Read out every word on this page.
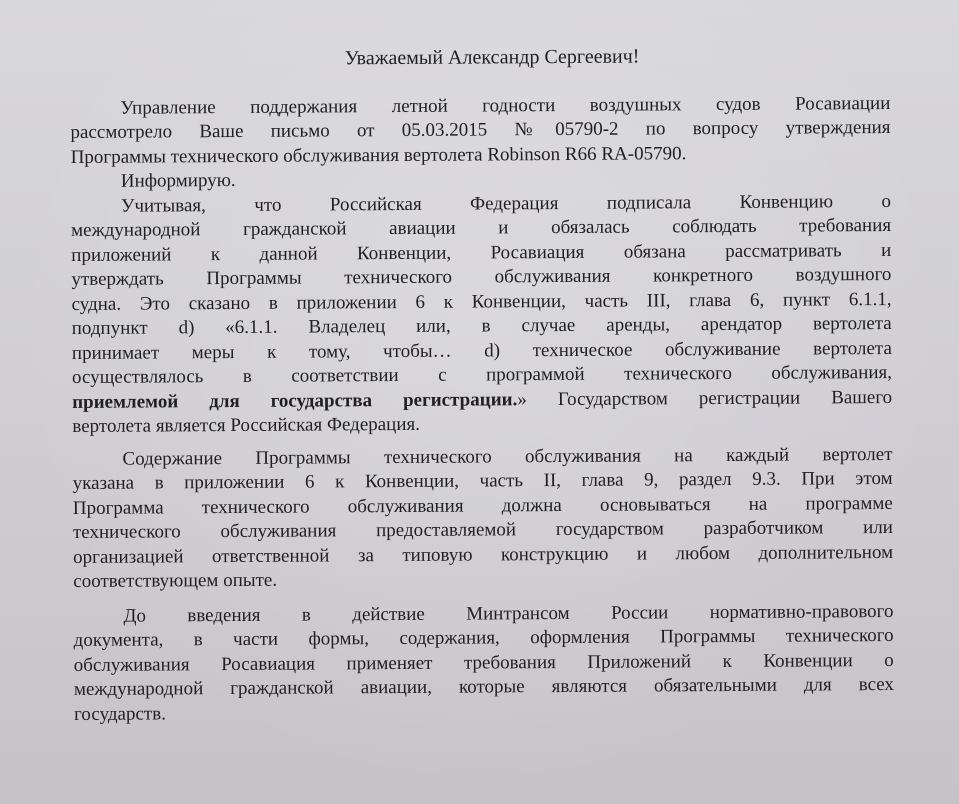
Уважаемый Александр Сергеевич!
Управление поддержания летной годности воздушных судов Росавиации
рассмотрело Ваше письмо от 05.03.2015 №05790-2 по вопросу утверждения
Программы технического обслуживания вертолета Robinson R66 RA-05790.
Информирую.
Учитывая, что Российская Федерация подписала Конвенцию о
международной гражданской авиации и обязалась соблюдать требования
приложений к данной Конвенции, Росавиация обязана рассматривать и
утверждать Программы технического обслуживания конкретного воздушного
судна. Это сказано в приложении 6 к Конвенции, часть III, глава 6, пункт 6.1.1,
подпункт d) «6.1.1. Владелец или, в случае аренды, арендатор вертолета
принимает меры к тому, чтобы… d) техническое обслуживание вертолета
осуществлялось в соответствии с программой технического обслуживания,
приемлемой для государства регистрации.» Государством регистрации Вашего
вертолета является Российская Федерация.
Содержание Программы технического обслуживания на каждый вертолет
указана в приложении 6 к Конвенции, часть II, глава 9, раздел 9.3. При этом
Программа технического обслуживания должна основываться на программе
технического обслуживания предоставляемой государством разработчиком или
организацией ответственной за типовую конструкцию и любом дополнительном
соответствующем опыте.
До введения в действие Минтрансом России нормативно-правового
документа, в части формы, содержания, оформления Программы технического
обслуживания Росавиация применяет требования Приложений к Конвенции о
международной гражданской авиации, которые являются обязательными для всех
государств.
